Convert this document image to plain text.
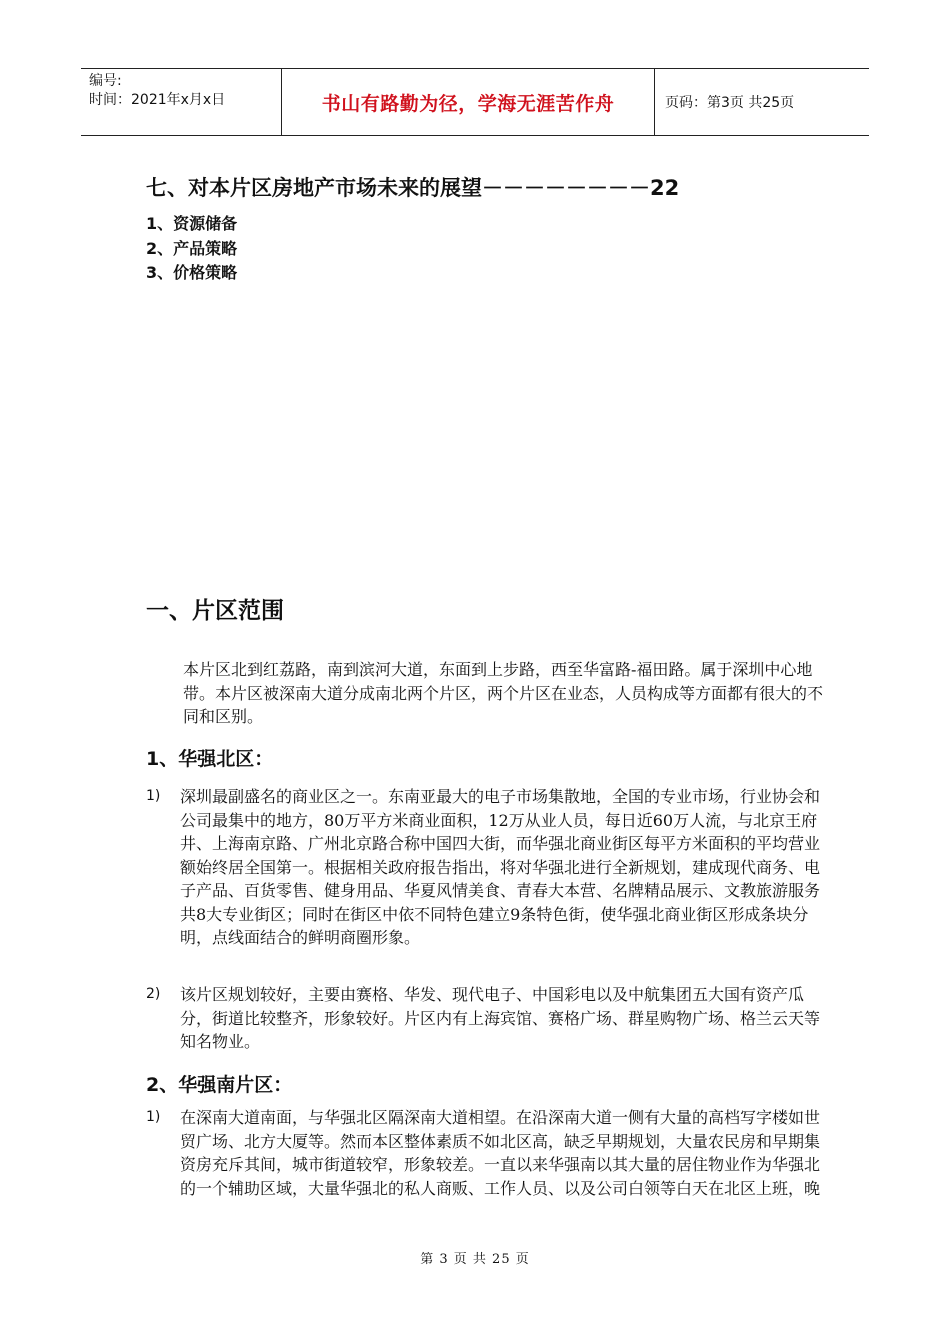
编号:
时间：2021年x月x日	书山有路勤为径，学海无涯苦作舟	页码：第3页 共25页
七、对本片区房地产市场未来的展望－－－－－－－－22
1、资源储备
2、产品策略
3、价格策略
一、片区范围

本片区北到红荔路，南到滨河大道，东面到上步路，西至华富路-福田路。属于深圳中心地带。本片区被深南大道分成南北两个片区，两个片区在业态，人员构成等方面都有很大的不同和区别。

1、华强北区：
1)	深圳最副盛名的商业区之一。东南亚最大的电子市场集散地，全国的专业市场，行业协会和公司最集中的地方，80万平方米商业面积，12万从业人员，每日近60万人流，与北京王府井、上海南京路、广州北京路合称中国四大街，而华强北商业街区每平方米面积的平均营业额始终居全国第一。根据相关政府报告指出，将对华强北进行全新规划，建成现代商务、电子产品、百货零售、健身用品、华夏风情美食、青春大本营、名牌精品展示、文教旅游服务共8大专业街区；同时在街区中依不同特色建立9条特色街，使华强北商业街区形成条块分明，点线面结合的鲜明商圈形象。

2)	该片区规划较好，主要由赛格、华发、现代电子、中国彩电以及中航集团五大国有资产瓜分，街道比较整齐，形象较好。片区内有上海宾馆、赛格广场、群星购物广场、格兰云天等知名物业。

2、华强南片区：
1)	在深南大道南面，与华强北区隔深南大道相望。在沿深南大道一侧有大量的高档写字楼如世贸广场、北方大厦等。然而本区整体素质不如北区高，缺乏早期规划，大量农民房和早期集资房充斥其间，城市街道较窄，形象较差。一直以来华强南以其大量的居住物业作为华强北的一个辅助区域，大量华强北的私人商贩、工作人员、以及公司白领等白天在北区上班，晚

第 3 页 共 25 页
